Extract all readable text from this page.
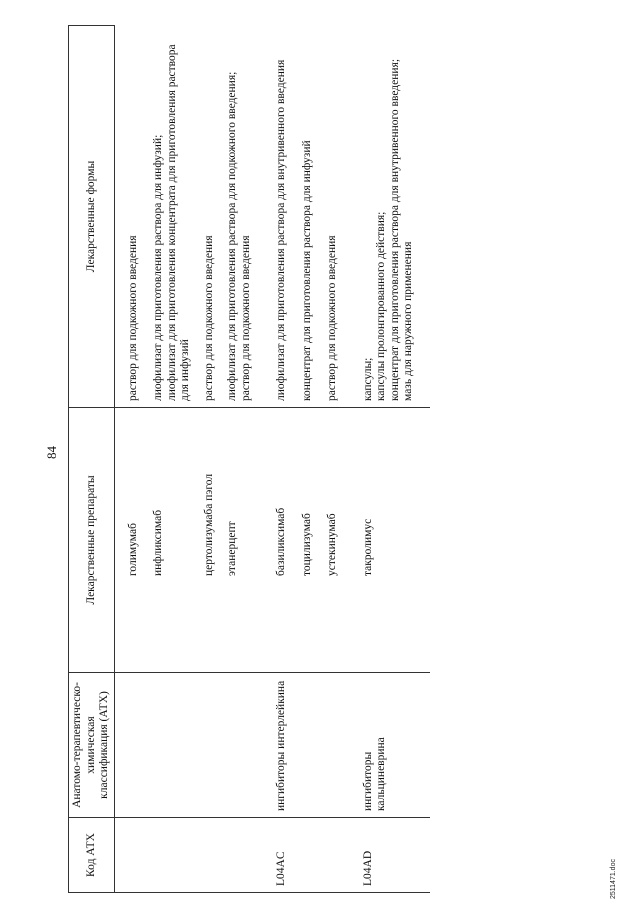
84
Код АТХ	Анатомо-терапевтическо-химическая классификация (АТХ)	Лекарственные препараты	Лекарственные формы
		голимумаб	раствор для подкожного введения

		инфликсимаб	лиофилизат для приготовления раствора для инфузий;
лиофилизат для приготовления концентрата для приготовления раствора для инфузий

		цертолизумаба пэгол	раствор для подкожного введения

		этанерцепт	лиофилизат для приготовления раствора для подкожного введения;
раствор для подкожного введения

L04AC	ингибиторы интерлейкина	базиликсимаб	лиофилизат для приготовления раствора для внутривенного введения

		тоцилизумаб	концентрат для приготовления раствора для инфузий

		устекинумаб	раствор для подкожного введения

L04AD	ингибиторы кальциневрина	такролимус	капсулы;
капсулы пролонгированного действия;
концентрат для приготовления раствора для внутривенного введения;
мазь для наружного применения

2511471.doc
